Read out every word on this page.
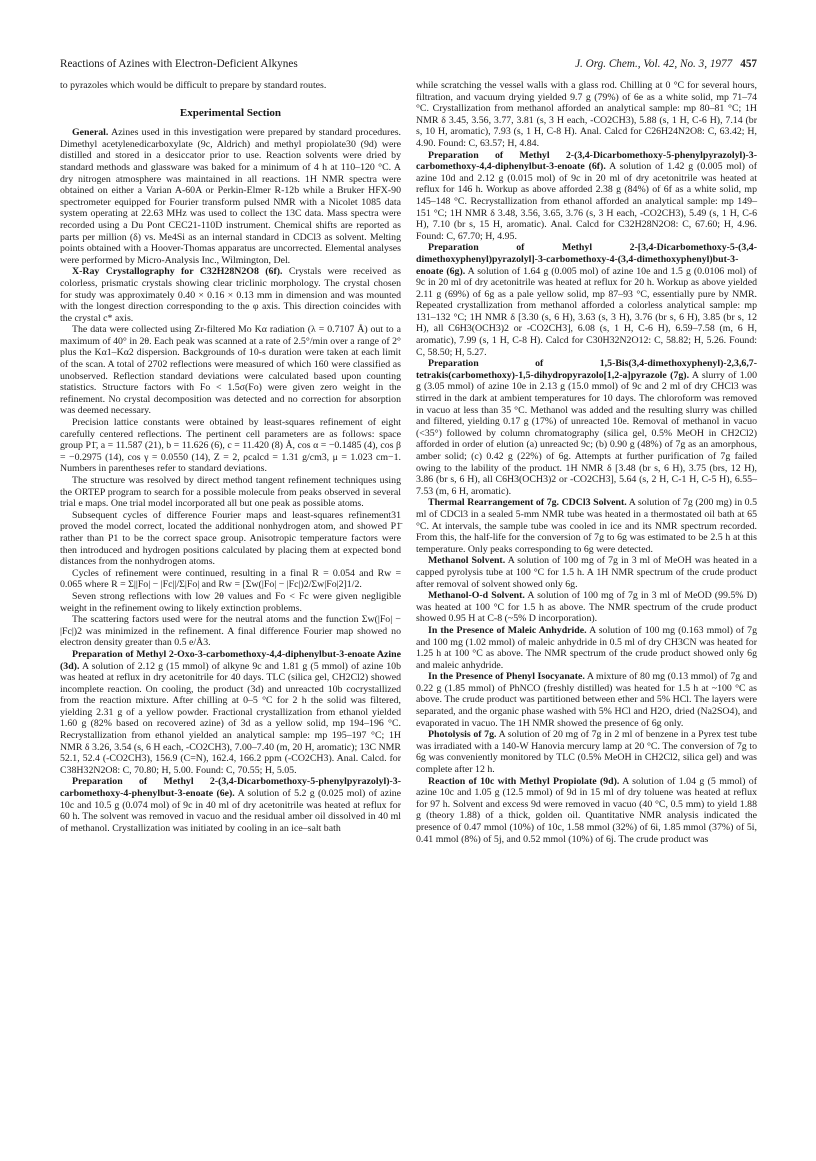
Reactions of Azines with Electron-Deficient Alkynes	J. Org. Chem., Vol. 42, No. 3, 1977 457

to pyrazoles which would be difficult to prepare by standard routes.

Experimental Section

General. Azines used in this investigation were prepared by standard procedures. Dimethyl acetylenedicarboxylate (9c, Aldrich) and methyl propiolate30 (9d) were distilled and stored in a desiccator prior to use. Reaction solvents were dried by standard methods and glassware was baked for a minimum of 4 h at 110–120 °C. A dry nitrogen atmosphere was maintained in all reactions. 1H NMR spectra were obtained on either a Varian A-60A or Perkin-Elmer R-12b while a Bruker HFX-90 spectrometer equipped for Fourier transform pulsed NMR with a Nicolet 1085 data system operating at 22.63 MHz was used to collect the 13C data. Mass spectra were recorded using a Du Pont CEC21-110D instrument. Chemical shifts are reported as parts per million (δ) vs. Me4Si as an internal standard in CDCl3 as solvent. Melting points obtained with a Hoover-Thomas apparatus are uncorrected. Elemental analyses were performed by Micro-Analysis Inc., Wilmington, Del.

X-Ray Crystallography for C32H28N2O8 (6f). Crystals were received as colorless, prismatic crystals showing clear triclinic morphology. The crystal chosen for study was approximately 0.40 × 0.16 × 0.13 mm in dimension and was mounted with the longest direction corresponding to the φ axis. This direction coincides with the crystal c* axis.

The data were collected using Zr-filtered Mo Kα radiation (λ = 0.7107 Å) out to a maximum of 40° in 2θ. Each peak was scanned at a rate of 2.5°/min over a range of 2° plus the Kα1–Kα2 dispersion. Backgrounds of 10-s duration were taken at each limit of the scan. A total of 2702 reflections were measured of which 160 were classified as unobserved. Reflection standard deviations were calculated based upon counting statistics. Structure factors with Fo < 1.5σ(Fo) were given zero weight in the refinement. No crystal decomposition was detected and no correction for absorption was deemed necessary.

Precision lattice constants were obtained by least-squares refinement of eight carefully centered reflections. The pertinent cell parameters are as follows: space group P1̄, a = 11.587 (21), b = 11.626 (6), c = 11.420 (8) Å, cos α = −0.1485 (4), cos β = −0.2975 (14), cos γ = 0.0550 (14), Z = 2, ρcalcd = 1.31 g/cm3, μ = 1.023 cm−1. Numbers in parentheses refer to standard deviations.

The structure was resolved by direct method tangent refinement techniques using the ORTEP program to search for a possible molecule from peaks observed in several trial e maps. One trial model incorporated all but one peak as possible atoms.

Subsequent cycles of difference Fourier maps and least-squares refinement31 proved the model correct, located the additional nonhydrogen atom, and showed P1̄ rather than P1 to be the correct space group. Anisotropic temperature factors were then introduced and hydrogen positions calculated by placing them at expected bond distances from the nonhydrogen atoms.

Cycles of refinement were continued, resulting in a final R = 0.054 and Rw = 0.065 where R = Σ||Fo| − |Fc||/Σ|Fo| and Rw = [Σw(|Fo| − |Fc|)2/Σw|Fo|2]1/2.

Seven strong reflections with low 2θ values and Fo < Fc were given negligible weight in the refinement owing to likely extinction problems.

The scattering factors used were for the neutral atoms and the function Σw(|Fo| − |Fc|)2 was minimized in the refinement. A final difference Fourier map showed no electron density greater than 0.5 e/Å3.

Preparation of Methyl 2-Oxo-3-carbomethoxy-4,4-diphenylbut-3-enoate Azine (3d). A solution of 2.12 g (15 mmol) of alkyne 9c and 1.81 g (5 mmol) of azine 10b was heated at reflux in dry acetonitrile for 40 days. TLC (silica gel, CH2Cl2) showed incomplete reaction. On cooling, the product (3d) and unreacted 10b cocrystallized from the reaction mixture. After chilling at 0–5 °C for 2 h the solid was filtered, yielding 2.31 g of a yellow powder. Fractional crystallization from ethanol yielded 1.60 g (82% based on recovered azine) of 3d as a yellow solid, mp 194–196 °C. Recrystallization from ethanol yielded an analytical sample: mp 195–197 °C; 1H NMR δ 3.26, 3.54 (s, 6 H each, -CO2CH3), 7.00–7.40 (m, 20 H, aromatic); 13C NMR 52.1, 52.4 (-CO2CH3), 156.9 (C=N), 162.4, 166.2 ppm (-CO2CH3). Anal. Calcd. for C38H32N2O8: C, 70.80; H, 5.00. Found: C, 70.55; H, 5.05.

Preparation of Methyl 2-(3,4-Dicarbomethoxy-5-phenylpyrazolyl)-3-carbomethoxy-4-phenylbut-3-enoate (6e). A solution of 5.2 g (0.025 mol) of azine 10c and 10.5 g (0.074 mol) of 9c in 40 ml of dry acetonitrile was heated at reflux for 60 h. The solvent was removed in vacuo and the residual amber oil dissolved in 40 ml of methanol. Crystallization was initiated by cooling in an ice–salt bath

while scratching the vessel walls with a glass rod. Chilling at 0 °C for several hours, filtration, and vacuum drying yielded 9.7 g (79%) of 6e as a white solid, mp 71–74 °C. Crystallization from methanol afforded an analytical sample: mp 80–81 °C; 1H NMR δ 3.45, 3.56, 3.77, 3.81 (s, 3 H each, -CO2CH3), 5.88 (s, 1 H, C-6 H), 7.14 (br s, 10 H, aromatic), 7.93 (s, 1 H, C-8 H). Anal. Calcd for C26H24N2O8: C, 63.42; H, 4.90. Found: C, 63.57; H, 4.84.

Preparation of Methyl 2-(3,4-Dicarbomethoxy-5-phenylpyrazolyl)-3-carbomethoxy-4,4-diphenylbut-3-enoate (6f). A solution of 1.42 g (0.005 mol) of azine 10d and 2.12 g (0.015 mol) of 9c in 20 ml of dry acetonitrile was heated at reflux for 146 h. Workup as above afforded 2.38 g (84%) of 6f as a white solid, mp 145–148 °C. Recrystallization from ethanol afforded an analytical sample: mp 149–151 °C; 1H NMR δ 3.48, 3.56, 3.65, 3.76 (s, 3 H each, -CO2CH3), 5.49 (s, 1 H, C-6 H), 7.10 (br s, 15 H, aromatic). Anal. Calcd for C32H28N2O8: C, 67.60; H, 4.96. Found: C, 67.70; H, 4.95.

Preparation of Methyl 2-[3,4-Dicarbomethoxy-5-(3,4-dimethoxyphenyl)pyrazolyl]-3-carbomethoxy-4-(3,4-dimethoxyphenyl)but-3-enoate (6g). A solution of 1.64 g (0.005 mol) of azine 10e and 1.5 g (0.0106 mol) of 9c in 20 ml of dry acetonitrile was heated at reflux for 20 h. Workup as above yielded 2.11 g (69%) of 6g as a pale yellow solid, mp 87–93 °C, essentially pure by NMR. Repeated crystallization from methanol afforded a colorless analytical sample: mp 131–132 °C; 1H NMR δ [3.30 (s, 6 H), 3.63 (s, 3 H), 3.76 (br s, 6 H), 3.85 (br s, 12 H), all C6H3(OCH3)2 or -CO2CH3], 6.08 (s, 1 H, C-6 H), 6.59–7.58 (m, 6 H, aromatic), 7.99 (s, 1 H, C-8 H). Calcd for C30H32N2O12: C, 58.82; H, 5.26. Found: C, 58.50; H, 5.27.

Preparation of 1,5-Bis(3,4-dimethoxyphenyl)-2,3,6,7-tetrakis(carbomethoxy)-1,5-dihydropyrazolo[1,2-a]pyrazole (7g). A slurry of 1.00 g (3.05 mmol) of azine 10e in 2.13 g (15.0 mmol) of 9c and 2 ml of dry CHCl3 was stirred in the dark at ambient temperatures for 10 days. The chloroform was removed in vacuo at less than 35 °C. Methanol was added and the resulting slurry was chilled and filtered, yielding 0.17 g (17%) of unreacted 10e. Removal of methanol in vacuo (<35°) followed by column chromatography (silica gel, 0.5% MeOH in CH2Cl2) afforded in order of elution (a) unreacted 9c; (b) 0.90 g (48%) of 7g as an amorphous, amber solid; (c) 0.42 g (22%) of 6g. Attempts at further purification of 7g failed owing to the lability of the product. 1H NMR δ [3.48 (br s, 6 H), 3.75 (brs, 12 H), 3.86 (br s, 6 H), all C6H3(OCH3)2 or -CO2CH3], 5.64 (s, 2 H, C-1 H, C-5 H), 6.55–7.53 (m, 6 H, aromatic).

Thermal Rearrangement of 7g. CDCl3 Solvent. A solution of 7g (200 mg) in 0.5 ml of CDCl3 in a sealed 5-mm NMR tube was heated in a thermostated oil bath at 65 °C. At intervals, the sample tube was cooled in ice and its NMR spectrum recorded. From this, the half-life for the conversion of 7g to 6g was estimated to be 2.5 h at this temperature. Only peaks corresponding to 6g were detected.

Methanol Solvent. A solution of 100 mg of 7g in 3 ml of MeOH was heated in a capped pyrolysis tube at 100 °C for 1.5 h. A 1H NMR spectrum of the crude product after removal of solvent showed only 6g.

Methanol-O-d Solvent. A solution of 100 mg of 7g in 3 ml of MeOD (99.5% D) was heated at 100 °C for 1.5 h as above. The NMR spectrum of the crude product showed 0.95 H at C-8 (~5% D incorporation).

In the Presence of Maleic Anhydride. A solution of 100 mg (0.163 mmol) of 7g and 100 mg (1.02 mmol) of maleic anhydride in 0.5 ml of dry CH3CN was heated for 1.25 h at 100 °C as above. The NMR spectrum of the crude product showed only 6g and maleic anhydride.

In the Presence of Phenyl Isocyanate. A mixture of 80 mg (0.13 mmol) of 7g and 0.22 g (1.85 mmol) of PhNCO (freshly distilled) was heated for 1.5 h at ~100 °C as above. The crude product was partitioned between ether and 5% HCl. The layers were separated, and the organic phase washed with 5% HCl and H2O, dried (Na2SO4), and evaporated in vacuo. The 1H NMR showed the presence of 6g only.

Photolysis of 7g. A solution of 20 mg of 7g in 2 ml of benzene in a Pyrex test tube was irradiated with a 140-W Hanovia mercury lamp at 20 °C. The conversion of 7g to 6g was conveniently monitored by TLC (0.5% MeOH in CH2Cl2, silica gel) and was complete after 12 h.

Reaction of 10c with Methyl Propiolate (9d). A solution of 1.04 g (5 mmol) of azine 10c and 1.05 g (12.5 mmol) of 9d in 15 ml of dry toluene was heated at reflux for 97 h. Solvent and excess 9d were removed in vacuo (40 °C, 0.5 mm) to yield 1.88 g (theory 1.88) of a thick, golden oil. Quantitative NMR analysis indicated the presence of 0.47 mmol (10%) of 10c, 1.58 mmol (32%) of 6i, 1.85 mmol (37%) of 5i, 0.41 mmol (8%) of 5j, and 0.52 mmol (10%) of 6j. The crude product was
